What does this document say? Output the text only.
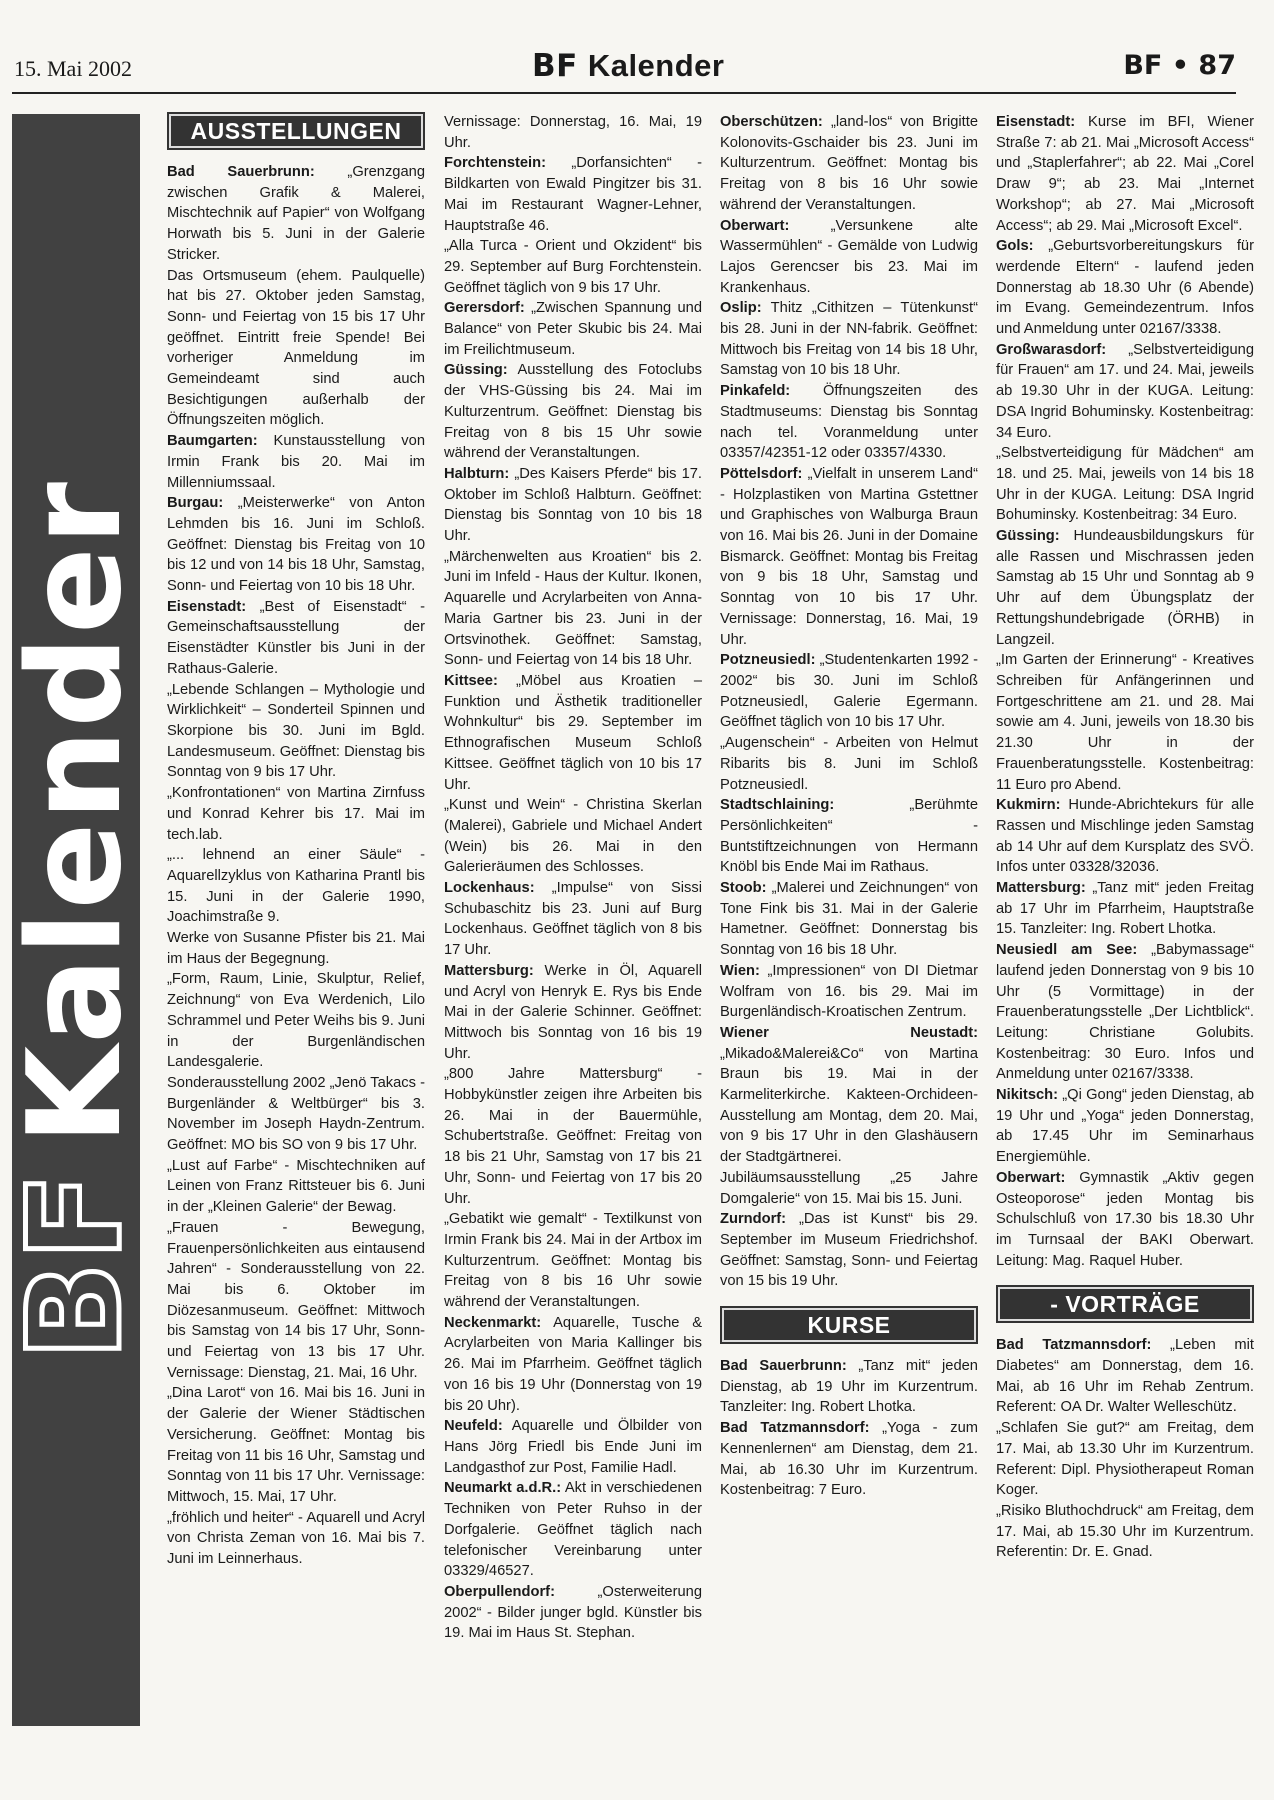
15. Mai 2002	BF Kalender	BF • 87
BFKalender
AUSSTELLUNGEN

Bad Sauerbrunn: „Grenzgang zwischen Grafik & Malerei, Mischtechnik auf Papier“ von Wolfgang Horwath bis 5. Juni in der Galerie Stricker.

Das Ortsmuseum (ehem. Paulquelle) hat bis 27. Oktober jeden Samstag, Sonn- und Feiertag von 15 bis 17 Uhr geöffnet. Eintritt freie Spende! Bei vorheriger Anmeldung im Gemeindeamt sind auch Besichtigungen außerhalb der Öffnungszeiten möglich.

Baumgarten: Kunstausstellung von Irmin Frank bis 20. Mai im Millenniumssaal.

Burgau: „Meisterwerke“ von Anton Lehmden bis 16. Juni im Schloß. Geöffnet: Dienstag bis Freitag von 10 bis 12 und von 14 bis 18 Uhr, Samstag, Sonn- und Feiertag von 10 bis 18 Uhr.

Eisenstadt: „Best of Eisenstadt“ - Gemeinschaftsausstellung der Eisenstädter Künstler bis Juni in der Rathaus-Galerie.

„Lebende Schlangen – Mythologie und Wirklichkeit“ – Sonderteil Spinnen und Skorpione bis 30. Juni im Bgld. Landesmuseum. Geöffnet: Dienstag bis Sonntag von 9 bis 17 Uhr.

„Konfrontationen“ von Martina Zirnfuss und Konrad Kehrer bis 17. Mai im tech.lab.

„... lehnend an einer Säule“ - Aquarellzyklus von Katharina Prantl bis 15. Juni in der Galerie 1990, Joachimstraße 9.

Werke von Susanne Pfister bis 21. Mai im Haus der Begegnung.

„Form, Raum, Linie, Skulptur, Relief, Zeichnung“ von Eva Werdenich, Lilo Schrammel und Peter Weihs bis 9. Juni in der Burgenländischen Landesgalerie.

Sonderausstellung 2002 „Jenö Takacs - Burgenländer & Weltbürger“ bis 3. November im Joseph Haydn-Zentrum. Geöffnet: MO bis SO von 9 bis 17 Uhr.

„Lust auf Farbe“ - Mischtechniken auf Leinen von Franz Rittsteuer bis 6. Juni in der „Kleinen Galerie“ der Bewag.

„Frauen - Bewegung, Frauenpersönlichkeiten aus eintausend Jahren“ - Sonderausstellung von 22. Mai bis 6. Oktober im Diözesanmuseum. Geöffnet: Mittwoch bis Samstag von 14 bis 17 Uhr, Sonn- und Feiertag von 13 bis 17 Uhr. Vernissage: Dienstag, 21. Mai, 16 Uhr.

„Dina Larot“ von 16. Mai bis 16. Juni in der Galerie der Wiener Städtischen Versicherung. Geöffnet: Montag bis Freitag von 11 bis 16 Uhr, Samstag und Sonntag von 11 bis 17 Uhr. Vernissage: Mittwoch, 15. Mai, 17 Uhr.

„fröhlich und heiter“ - Aquarell und Acryl von Christa Zeman von 16. Mai bis 7. Juni im Leinnerhaus.

Vernissage: Donnerstag, 16. Mai, 19 Uhr.

Forchtenstein: „Dorfansichten“ - Bildkarten von Ewald Pingitzer bis 31. Mai im Restaurant Wagner-Lehner, Hauptstraße 46.

„Alla Turca - Orient und Okzident“ bis 29. September auf Burg Forchtenstein. Geöffnet täglich von 9 bis 17 Uhr.

Gerersdorf: „Zwischen Spannung und Balance“ von Peter Skubic bis 24. Mai im Freilichtmuseum.

Güssing: Ausstellung des Fotoclubs der VHS-Güssing bis 24. Mai im Kulturzentrum. Geöffnet: Dienstag bis Freitag von 8 bis 15 Uhr sowie während der Veranstaltungen.

Halbturn: „Des Kaisers Pferde“ bis 17. Oktober im Schloß Halbturn. Geöffnet: Dienstag bis Sonntag von 10 bis 18 Uhr.

„Märchenwelten aus Kroatien“ bis 2. Juni im Infeld - Haus der Kultur. Ikonen, Aquarelle und Acrylarbeiten von Anna-Maria Gartner bis 23. Juni in der Ortsvinothek. Geöffnet: Samstag, Sonn- und Feiertag von 14 bis 18 Uhr.

Kittsee: „Möbel aus Kroatien – Funktion und Ästhetik traditioneller Wohnkultur“ bis 29. September im Ethnografischen Museum Schloß Kittsee. Geöffnet täglich von 10 bis 17 Uhr.

„Kunst und Wein“ - Christina Skerlan (Malerei), Gabriele und Michael Andert (Wein) bis 26. Mai in den Galerieräumen des Schlosses.

Lockenhaus: „Impulse“ von Sissi Schubaschitz bis 23. Juni auf Burg Lockenhaus. Geöffnet täglich von 8 bis 17 Uhr.

Mattersburg: Werke in Öl, Aquarell und Acryl von Henryk E. Rys bis Ende Mai in der Galerie Schinner. Geöffnet: Mittwoch bis Sonntag von 16 bis 19 Uhr.

„800 Jahre Mattersburg“ - Hobbykünstler zeigen ihre Arbeiten bis 26. Mai in der Bauermühle, Schubertstraße. Geöffnet: Freitag von 18 bis 21 Uhr, Samstag von 17 bis 21 Uhr, Sonn- und Feiertag von 17 bis 20 Uhr.

„Gebatikt wie gemalt“ - Textilkunst von Irmin Frank bis 24. Mai in der Artbox im Kulturzentrum. Geöffnet: Montag bis Freitag von 8 bis 16 Uhr sowie während der Veranstaltungen.

Neckenmarkt: Aquarelle, Tusche & Acrylarbeiten von Maria Kallinger bis 26. Mai im Pfarrheim. Geöffnet täglich von 16 bis 19 Uhr (Donnerstag von 19 bis 20 Uhr).

Neufeld: Aquarelle und Ölbilder von Hans Jörg Friedl bis Ende Juni im Landgasthof zur Post, Familie Hadl.

Neumarkt a.d.R.: Akt in verschiedenen Techniken von Peter Ruhso in der Dorfgalerie. Geöffnet täglich nach telefonischer Vereinbarung unter 03329/46527.

Oberpullendorf: „Osterweiterung 2002“ - Bilder junger bgld. Künstler bis 19. Mai im Haus St. Stephan.

Oberschützen: „land-los“ von Brigitte Kolonovits-Gschaider bis 23. Juni im Kulturzentrum. Geöffnet: Montag bis Freitag von 8 bis 16 Uhr sowie während der Veranstaltungen.

Oberwart: „Versunkene alte Wassermühlen“ - Gemälde von Ludwig Lajos Gerencser bis 23. Mai im Krankenhaus.

Oslip: Thitz „Cithitzen – Tütenkunst“ bis 28. Juni in der NN-fabrik. Geöffnet: Mittwoch bis Freitag von 14 bis 18 Uhr, Samstag von 10 bis 18 Uhr.

Pinkafeld: Öffnungszeiten des Stadtmuseums: Dienstag bis Sonntag nach tel. Voranmeldung unter 03357/42351-12 oder 03357/4330.

Pöttelsdorf: „Vielfalt in unserem Land“ - Holzplastiken von Martina Gstettner und Graphisches von Walburga Braun von 16. Mai bis 26. Juni in der Domaine Bismarck. Geöffnet: Montag bis Freitag von 9 bis 18 Uhr, Samstag und Sonntag von 10 bis 17 Uhr. Vernissage: Donnerstag, 16. Mai, 19 Uhr.

Potzneusiedl: „Studentenkarten 1992 - 2002“ bis 30. Juni im Schloß Potzneusiedl, Galerie Egermann. Geöffnet täglich von 10 bis 17 Uhr.

„Augenschein“ - Arbeiten von Helmut Ribarits bis 8. Juni im Schloß Potzneusiedl.

Stadtschlaining: „Berühmte Persönlichkeiten“ - Buntstiftzeichnungen von Hermann Knöbl bis Ende Mai im Rathaus.

Stoob: „Malerei und Zeichnungen“ von Tone Fink bis 31. Mai in der Galerie Hametner. Geöffnet: Donnerstag bis Sonntag von 16 bis 18 Uhr.

Wien: „Impressionen“ von DI Dietmar Wolfram von 16. bis 29. Mai im Burgenländisch-Kroatischen Zentrum.

Wiener Neustadt: „Mikado&Malerei&Co“ von Martina Braun bis 19. Mai in der Karmeliterkirche. Kakteen-Orchideen-Ausstellung am Montag, dem 20. Mai, von 9 bis 17 Uhr in den Glashäusern der Stadtgärtnerei.

Jubiläumsausstellung „25 Jahre Domgalerie“ von 15. Mai bis 15. Juni.

Zurndorf: „Das ist Kunst“ bis 29. September im Museum Friedrichshof. Geöffnet: Samstag, Sonn- und Feiertag von 15 bis 19 Uhr.

KURSE

Bad Sauerbrunn: „Tanz mit“ jeden Dienstag, ab 19 Uhr im Kurzentrum. Tanzleiter: Ing. Robert Lhotka.

Bad Tatzmannsdorf: „Yoga - zum Kennenlernen“ am Dienstag, dem 21. Mai, ab 16.30 Uhr im Kurzentrum. Kostenbeitrag: 7 Euro.

Eisenstadt: Kurse im BFI, Wiener Straße 7: ab 21. Mai „Microsoft Access“ und „Staplerfahrer“; ab 22. Mai „Corel Draw 9“; ab 23. Mai „Internet Workshop“; ab 27. Mai „Microsoft Access“; ab 29. Mai „Microsoft Excel“.

Gols: „Geburtsvorbereitungskurs für werdende Eltern“ - laufend jeden Donnerstag ab 18.30 Uhr (6 Abende) im Evang. Gemeindezentrum. Infos und Anmeldung unter 02167/3338.

Großwarasdorf: „Selbstverteidigung für Frauen“ am 17. und 24. Mai, jeweils ab 19.30 Uhr in der KUGA. Leitung: DSA Ingrid Bohuminsky. Kostenbeitrag: 34 Euro.

„Selbstverteidigung für Mädchen“ am 18. und 25. Mai, jeweils von 14 bis 18 Uhr in der KUGA. Leitung: DSA Ingrid Bohuminsky. Kostenbeitrag: 34 Euro.

Güssing: Hundeausbildungskurs für alle Rassen und Mischrassen jeden Samstag ab 15 Uhr und Sonntag ab 9 Uhr auf dem Übungsplatz der Rettungshundebrigade (ÖRHB) in Langzeil.

„Im Garten der Erinnerung“ - Kreatives Schreiben für Anfängerinnen und Fortgeschrittene am 21. und 28. Mai sowie am 4. Juni, jeweils von 18.30 bis 21.30 Uhr in der Frauenberatungsstelle. Kostenbeitrag: 11 Euro pro Abend.

Kukmirn: Hunde-Abrichtekurs für alle Rassen und Mischlinge jeden Samstag ab 14 Uhr auf dem Kursplatz des SVÖ. Infos unter 03328/32036.

Mattersburg: „Tanz mit“ jeden Freitag ab 17 Uhr im Pfarrheim, Hauptstraße 15. Tanzleiter: Ing. Robert Lhotka.

Neusiedl am See: „Babymassage“ laufend jeden Donnerstag von 9 bis 10 Uhr (5 Vormittage) in der Frauenberatungsstelle „Der Lichtblick“. Leitung: Christiane Golubits. Kostenbeitrag: 30 Euro. Infos und Anmeldung unter 02167/3338.

Nikitsch: „Qi Gong“ jeden Dienstag, ab 19 Uhr und „Yoga“ jeden Donnerstag, ab 17.45 Uhr im Seminarhaus Energiemühle.

Oberwart: Gymnastik „Aktiv gegen Osteoporose“ jeden Montag bis Schulschluß von 17.30 bis 18.30 Uhr im Turnsaal der BAKI Oberwart. Leitung: Mag. Raquel Huber.

- VORTRÄGE

Bad Tatzmannsdorf: „Leben mit Diabetes“ am Donnerstag, dem 16. Mai, ab 16 Uhr im Rehab Zentrum. Referent: OA Dr. Walter Welleschütz.

„Schlafen Sie gut?“ am Freitag, dem 17. Mai, ab 13.30 Uhr im Kurzentrum. Referent: Dipl. Physiotherapeut Roman Koger.

„Risiko Bluthochdruck“ am Freitag, dem 17. Mai, ab 15.30 Uhr im Kurzentrum. Referentin: Dr. E. Gnad.
